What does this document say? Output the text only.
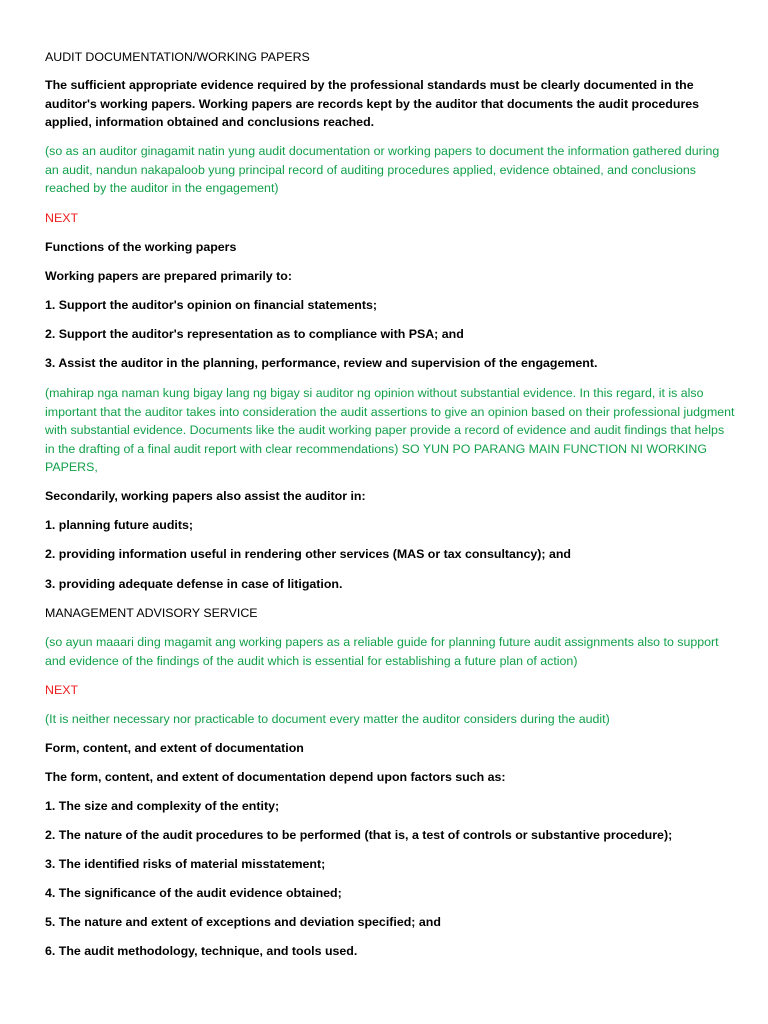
AUDIT DOCUMENTATION/WORKING PAPERS

The sufficient appropriate evidence required by the professional standards must be clearly documented in the auditor's working papers. Working papers are records kept by the auditor that documents the audit procedures applied, information obtained and conclusions reached.

(so as an auditor ginagamit natin yung audit documentation or working papers to document the information gathered during an audit, nandun nakapaloob yung principal record of auditing procedures applied, evidence obtained, and conclusions reached by the auditor in the engagement)

NEXT

Functions of the working papers

Working papers are prepared primarily to:

1. Support the auditor's opinion on financial statements;

2. Support the auditor's representation as to compliance with PSA; and

3. Assist the auditor in the planning, performance, review and supervision of the engagement.

(mahirap nga naman kung bigay lang ng bigay si auditor ng opinion without substantial evidence. In this regard, it is also important that the auditor takes into consideration the audit assertions to give an opinion based on their professional judgment with substantial evidence. Documents like the audit working paper provide a record of evidence and audit findings that helps in the drafting of a final audit report with clear recommendations) SO YUN PO PARANG MAIN FUNCTION NI WORKING PAPERS,

Secondarily, working papers also assist the auditor in:

1. planning future audits;

2. providing information useful in rendering other services (MAS or tax consultancy); and

3. providing adequate defense in case of litigation.

MANAGEMENT ADVISORY SERVICE

(so ayun maaari ding magamit ang working papers as a reliable guide for planning future audit assignments also to support and evidence of the findings of the audit which is essential for establishing a future plan of action)

NEXT

(It is neither necessary nor practicable to document every matter the auditor considers during the audit)

Form, content, and extent of documentation

The form, content, and extent of documentation depend upon factors such as:

1. The size and complexity of the entity;

2. The nature of the audit procedures to be performed (that is, a test of controls or substantive procedure);

3. The identified risks of material misstatement;

4. The significance of the audit evidence obtained;

5. The nature and extent of exceptions and deviation specified; and

6. The audit methodology, technique, and tools used.
